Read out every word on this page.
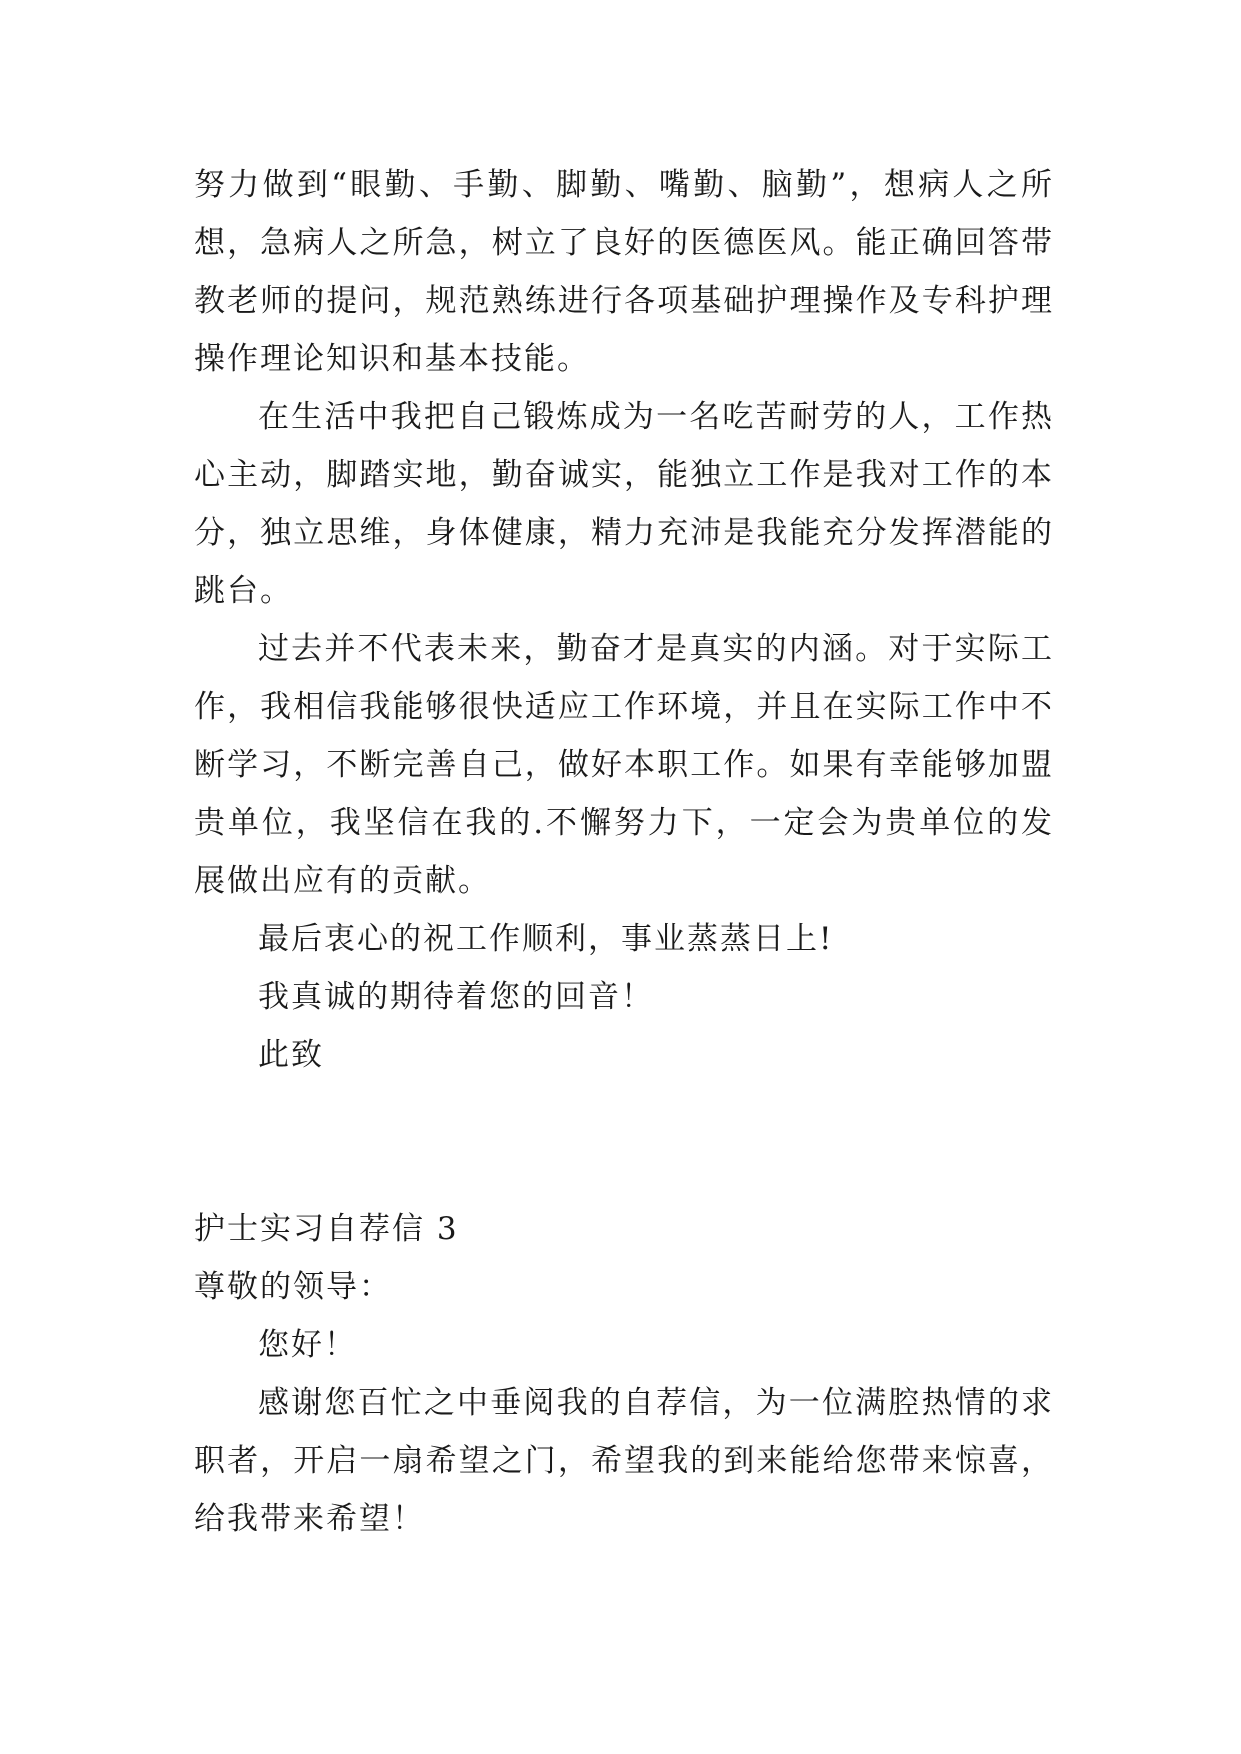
努力做到“眼勤、手勤、脚勤、嘴勤、脑勤”，想病人之所
想，急病人之所急，树立了良好的医德医风。能正确回答带
教老师的提问，规范熟练进行各项基础护理操作及专科护理
操作理论知识和基本技能。
在生活中我把自己锻炼成为一名吃苦耐劳的人，工作热
心主动，脚踏实地，勤奋诚实，能独立工作是我对工作的本
分，独立思维，身体健康，精力充沛是我能充分发挥潜能的
跳台。
过去并不代表未来，勤奋才是真实的内涵。对于实际工
作，我相信我能够很快适应工作环境，并且在实际工作中不
断学习，不断完善自己，做好本职工作。如果有幸能够加盟
贵单位，我坚信在我的.不懈努力下，一定会为贵单位的发
展做出应有的贡献。
最后衷心的祝工作顺利，事业蒸蒸日上!
我真诚的期待着您的回音！
此致
护士实习自荐信 3
尊敬的领导：
您好！
感谢您百忙之中垂阅我的自荐信，为一位满腔热情的求
职者，开启一扇希望之门，希望我的到来能给您带来惊喜，
给我带来希望！
